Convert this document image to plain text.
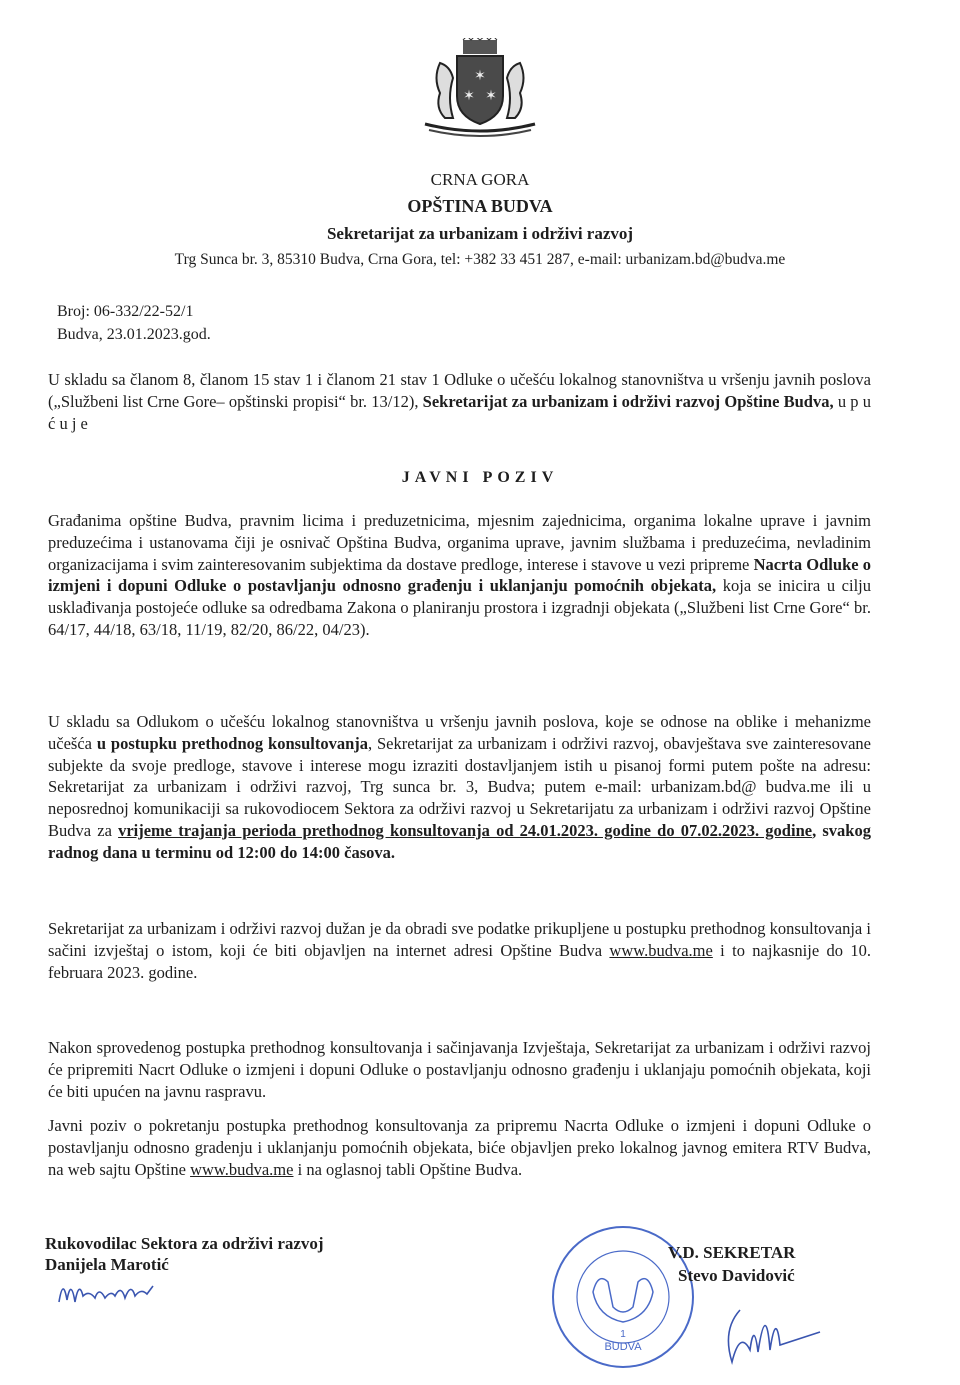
✶
✶ ✶
CRNA GORA
OPŠTINA BUDVA
Sekretarijat za urbanizam i održivi razvoj
Trg Sunca br. 3, 85310 Budva, Crna Gora, tel: +382 33 451 287, e-mail: urbanizam.bd@budva.me
Broj: 06-332/22-52/1
Budva, 23.01.2023.god.
U skladu sa članom 8, članom 15 stav 1 i članom 21 stav 1 Odluke o učešću lokalnog stanovništva u vršenju javnih poslova („Službeni list Crne Gore– opštinski propisi“ br. 13/12), Sekretarijat za urbanizam i održivi razvoj Opštine Budva, u p u ć u j e
JAVNI POZIV
Građanima opštine Budva, pravnim licima i preduzetnicima, mjesnim zajednicima, organima lokalne uprave i javnim preduzećima i ustanovama čiji je osnivač Opština Budva, organima uprave, javnim službama i preduzećima, nevladinim organizacijama i svim zainteresovanim subjektima da dostave predloge, interese i stavove u vezi pripreme Nacrta Odluke o izmjeni i dopuni Odluke o postavljanju odnosno građenju i uklanjanju pomoćnih objekata, koja se inicira u cilju usklađivanja postojeće odluke sa odredbama Zakona o planiranju prostora i izgradnji objekata („Službeni list Crne Gore“ br. 64/17, 44/18, 63/18, 11/19, 82/20, 86/22, 04/23).
U skladu sa Odlukom o učešću lokalnog stanovništva u vršenju javnih poslova, koje se odnose na oblike i mehanizme učešća u postupku prethodnog konsultovanja, Sekretarijat za urbanizam i održivi razvoj, obavještava sve zainteresovane subjekte da svoje predloge, stavove i interese mogu izraziti dostavljanjem istih u pisanoj formi putem pošte na adresu: Sekretarijat za urbanizam i održivi razvoj, Trg sunca br. 3, Budva; putem e-mail: urbanizam.bd@ budva.me ili u neposrednoj komunikaciji sa rukovodiocem Sektora za održivi razvoj u Sekretarijatu za urbanizam i održivi razvoj Opštine Budva za vrijeme trajanja perioda prethodnog konsultovanja od 24.01.2023. godine do 07.02.2023. godine, svakog radnog dana u terminu od 12:00 do 14:00 časova.
Sekretarijat za urbanizam i održivi razvoj dužan je da obradi sve podatke prikupljene u postupku prethodnog konsultovanja i sačini izvještaj o istom, koji će biti objavljen na internet adresi Opštine Budva www.budva.me i to najkasnije do 10. februara 2023. godine.
Nakon sprovedenog postupka prethodnog konsultovanja i sačinjavanja Izvještaja, Sekretarijat za urbanizam i održivi razvoj će pripremiti Nacrt Odluke o izmjeni i dopuni Odluke o postavljanju odnosno građenju i uklanjaju pomoćnih objekata, koji će biti upućen na javnu raspravu.
Javni poziv o pokretanju postupka prethodnog konsultovanja za pripremu Nacrta Odluke o izmjeni i dopuni Odluke o postavljanju odnosno gradenju i uklanjanju pomoćnih objekata, biće objavljen preko lokalnog javnog emitera RTV Budva, na web sajtu Opštine www.budva.me i na oglasnoj tabli Opštine Budva.
Rukovodilac Sektora za održivi razvoj
Danijela Marotić
BUDVA
1
V.D. SEKRETAR
Stevo Davidović
